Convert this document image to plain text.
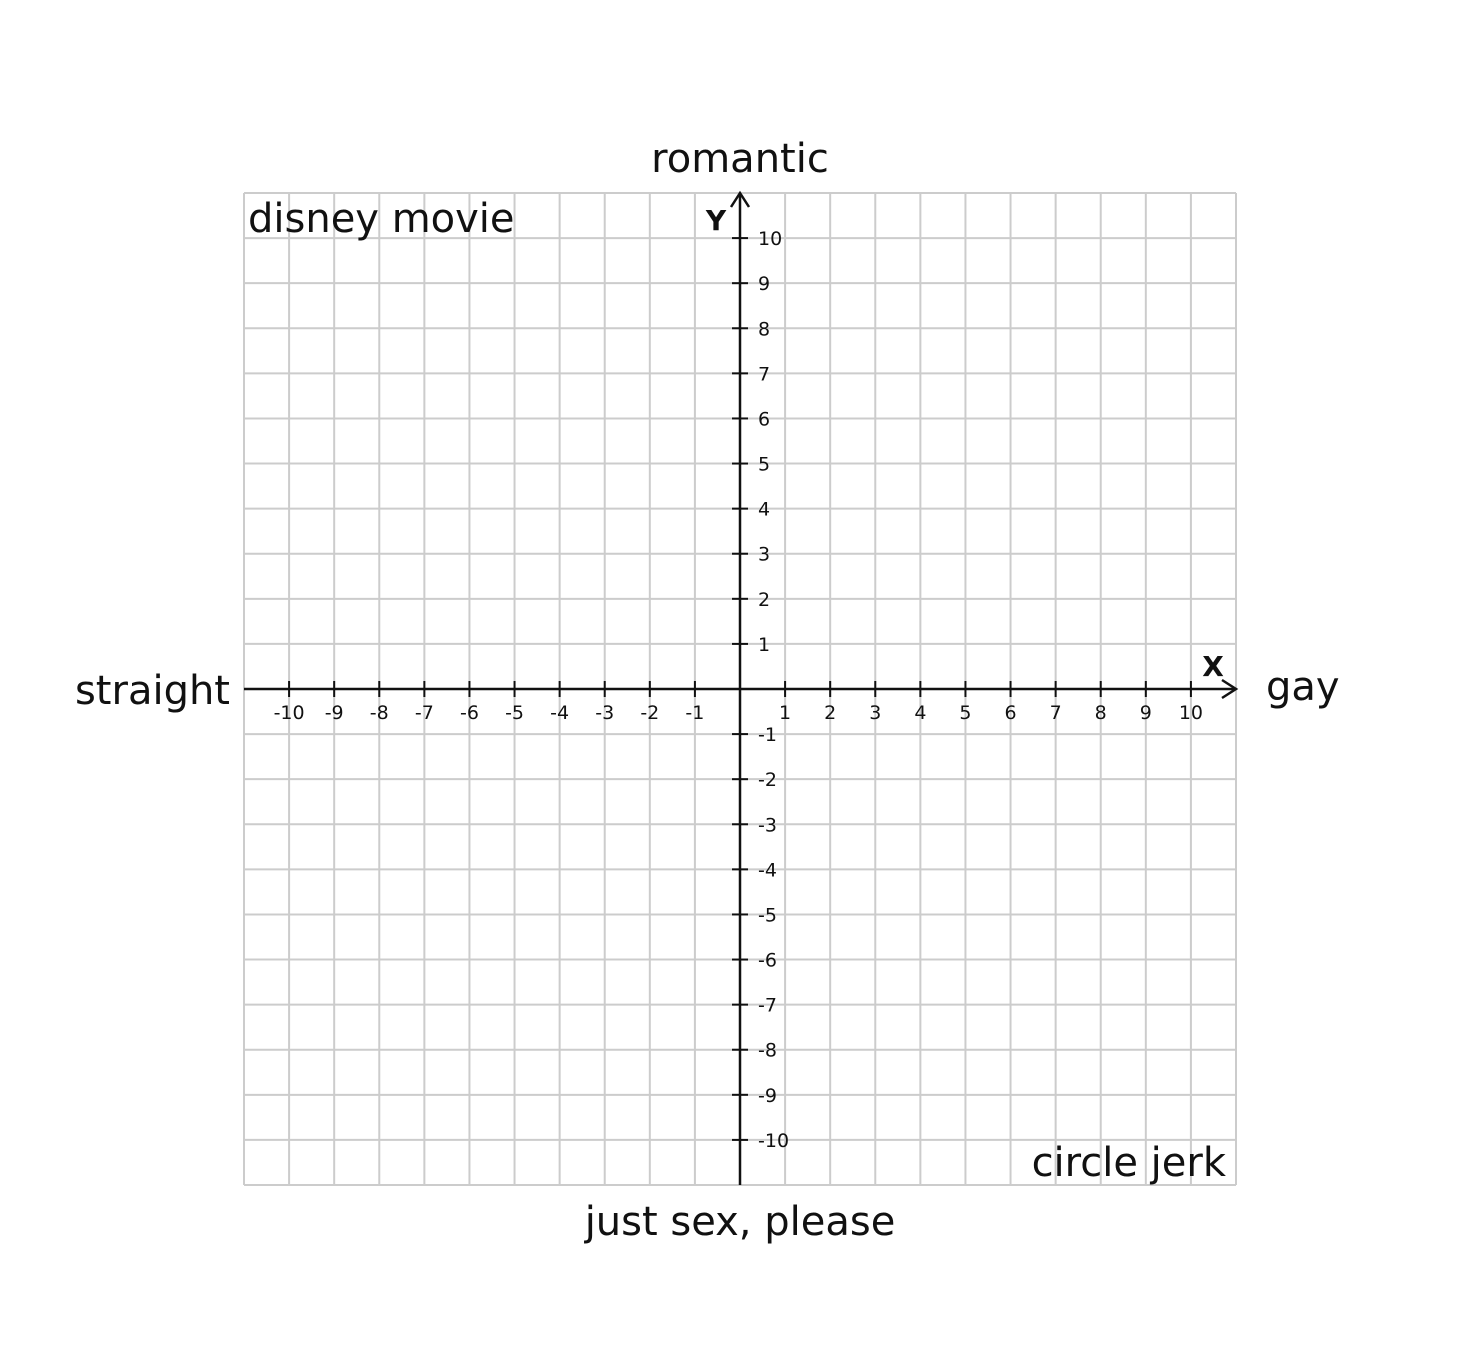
-10 -9 -8 -7 -6 -5 -4 -3 -2 -1	1 2 3 4 5 6 7 8 9 10
10
9
8
7
6
5
4
3
2
1
-1
-2
-3
-4
-5
-6
-7
-8
-9
-10
Y
X
romantic
just sex, please
straight	gay
disney movie
circle jerk
